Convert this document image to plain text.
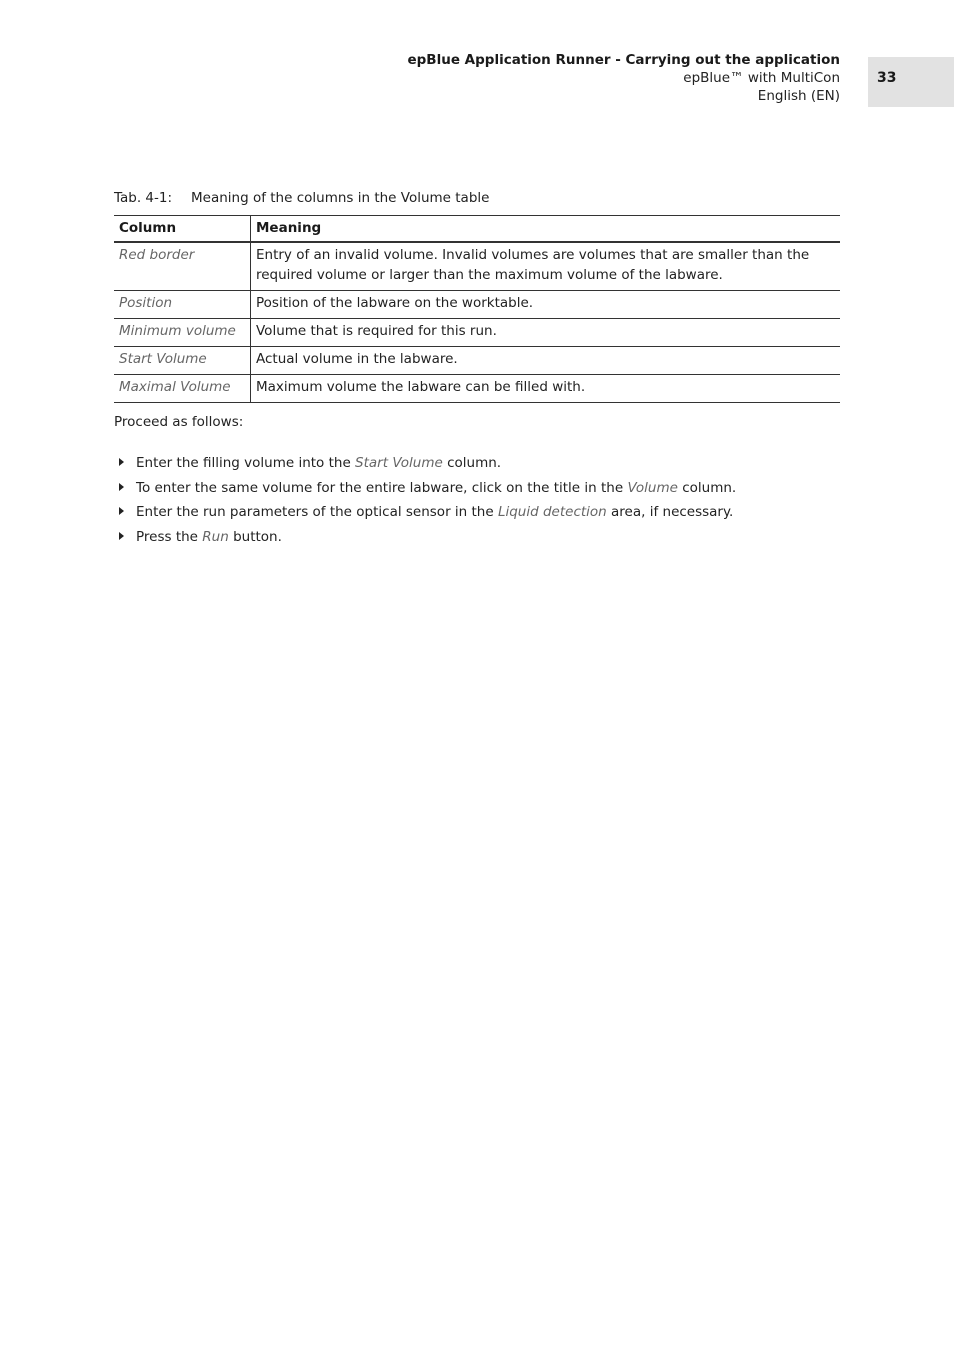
epBlue Application Runner - Carrying out the application
epBlue™ with MultiCon
English (EN)
33
Tab. 4-1: Meaning of the columns in the Volume table
Column	Meaning
Red border	Entry of an invalid volume. Invalid volumes are volumes that are smaller than the required volume or larger than the maximum volume of the labware.
Position	Position of the labware on the worktable.
Minimum volume	Volume that is required for this run.
Start Volume	Actual volume in the labware.
Maximal Volume	Maximum volume the labware can be filled with.
Proceed as follows:
Enter the filling volume into the Start Volume column.
To enter the same volume for the entire labware, click on the title in the Volume column.
Enter the run parameters of the optical sensor in the Liquid detection area, if necessary.
Press the Run button.
